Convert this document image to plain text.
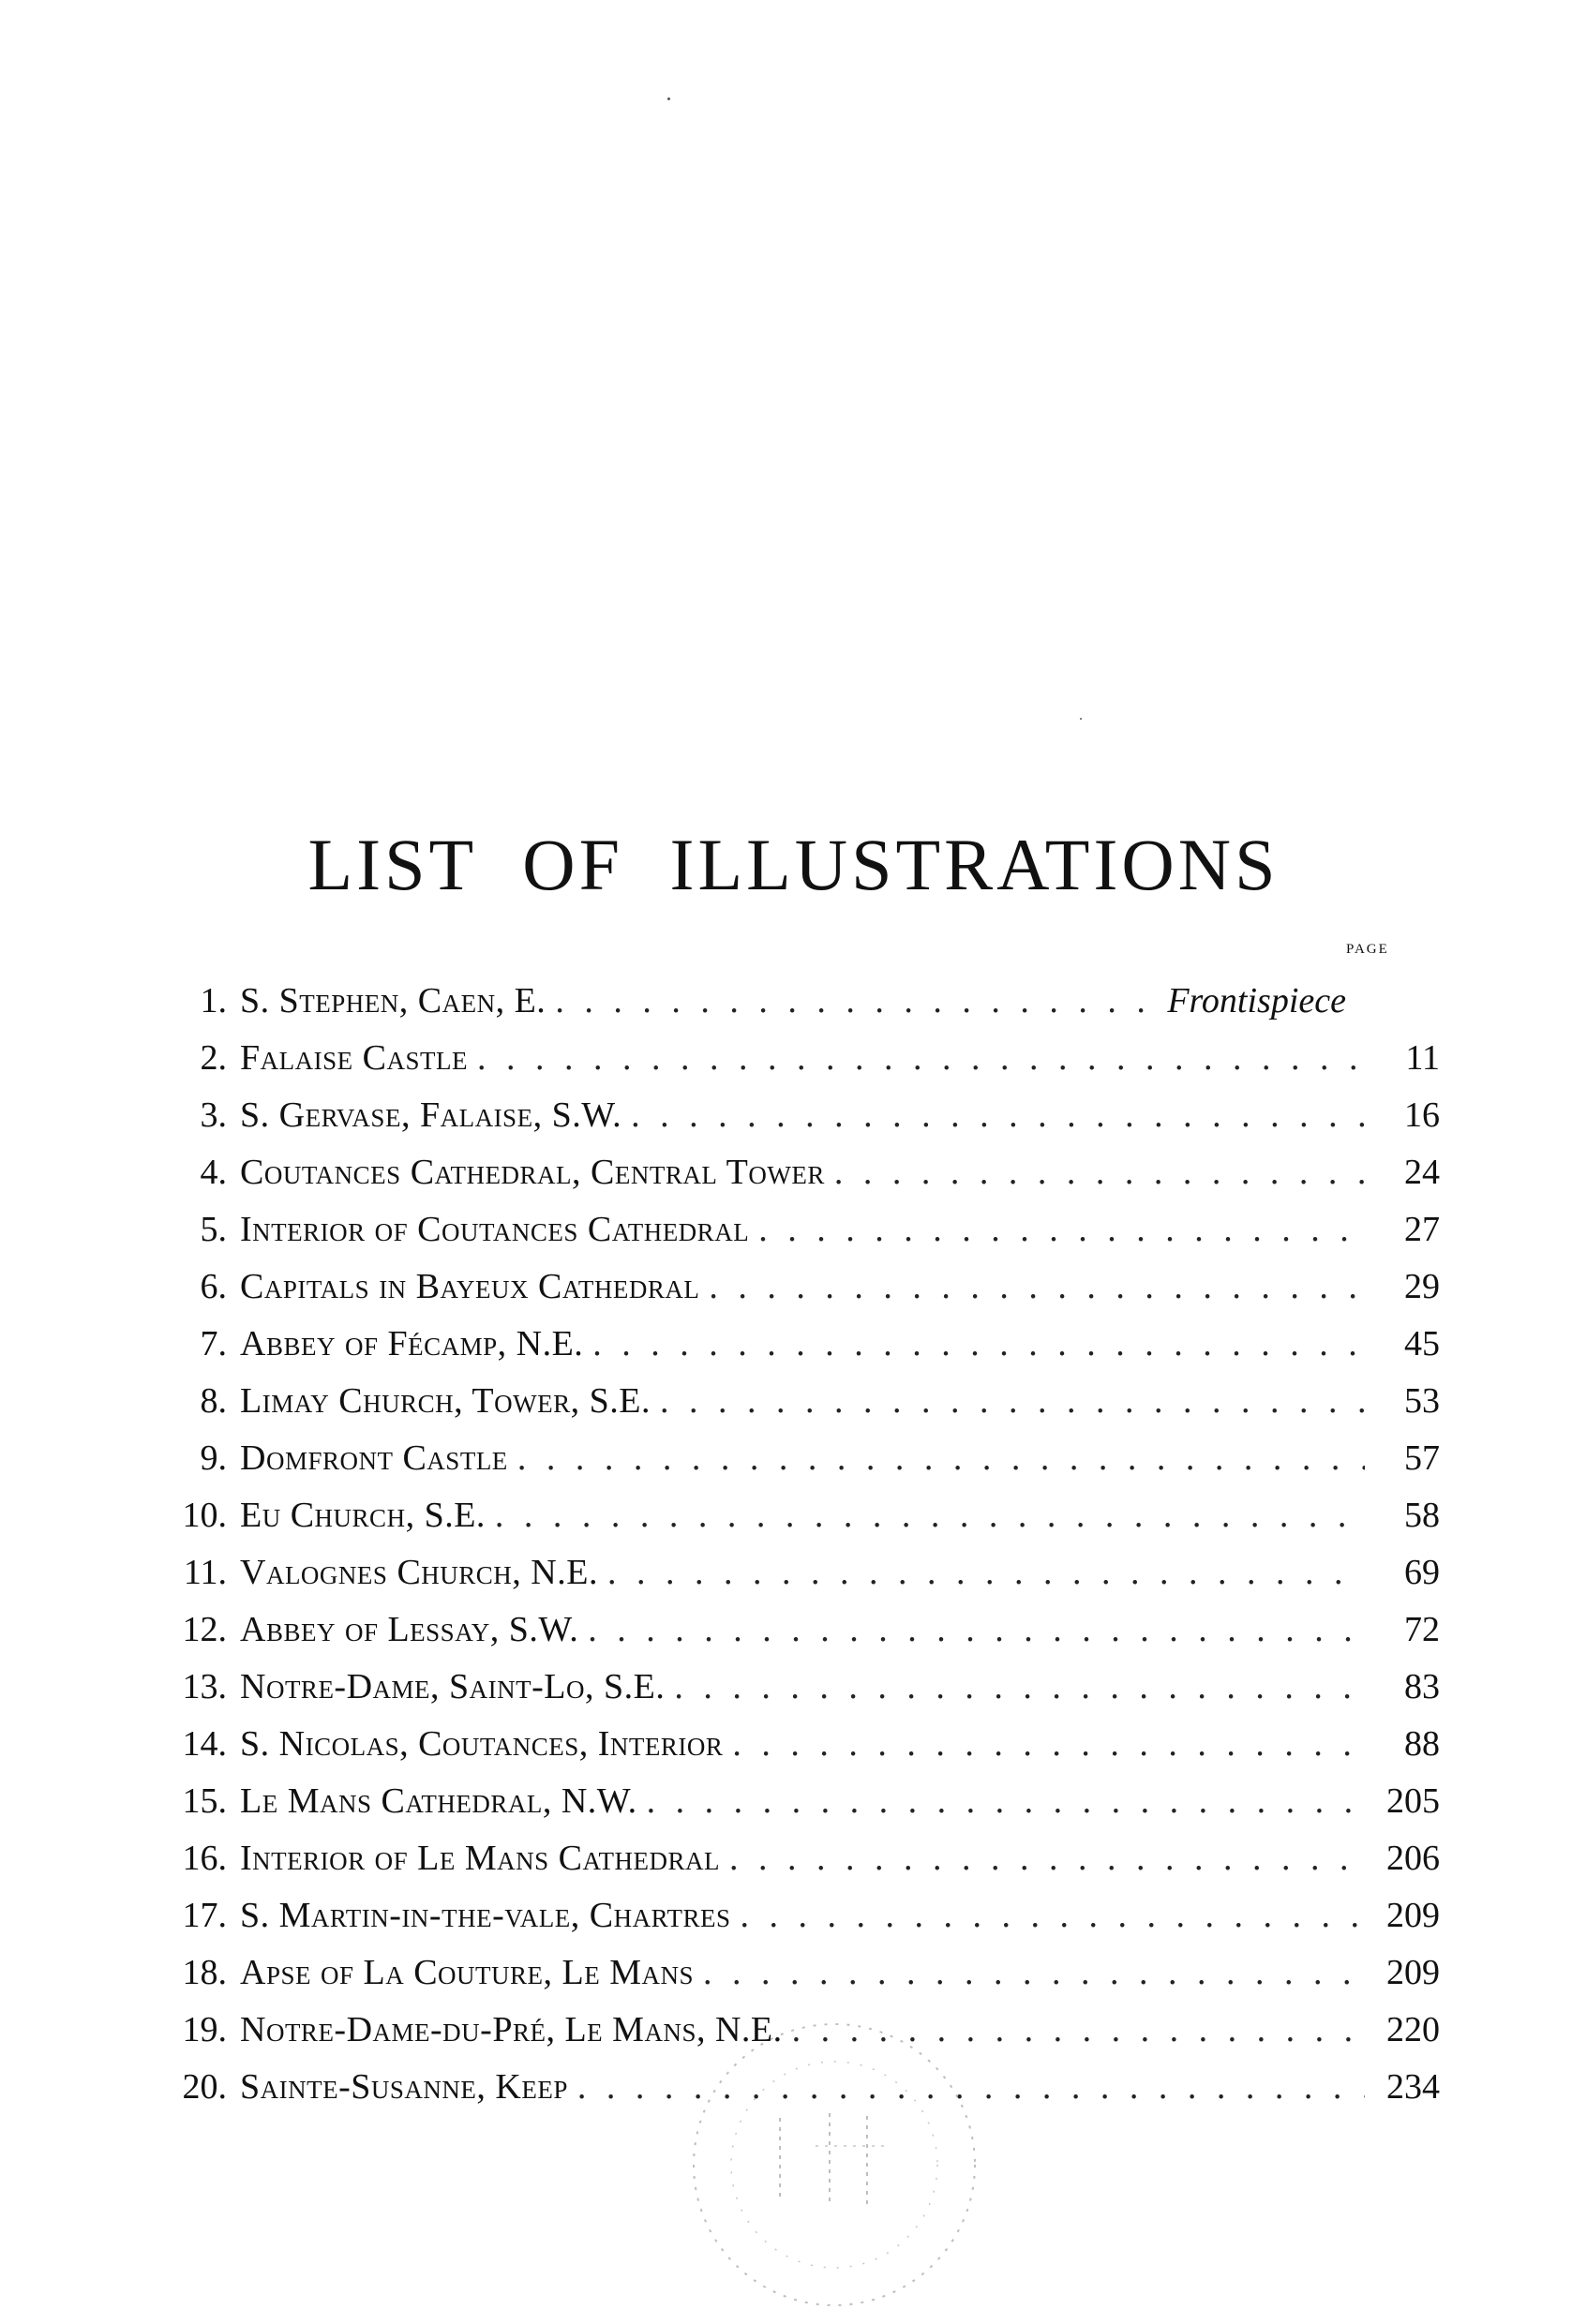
LIST OF ILLUSTRATIONS
page
1. S. Stephen, Caen, E. . . .	Frontispiece
2. Falaise Castle . . .	11
3. S. Gervase, Falaise, S.W. . . .	16
4. Coutances Cathedral, Central Tower . . .	24
5. Interior of Coutances Cathedral . . .	27
6. Capitals in Bayeux Cathedral . . .	29
7. Abbey of Fécamp, N.E. . . .	45
8. Limay Church, Tower, S.E. . . .	53
9. Domfront Castle . . .	57
10. Eu Church, S.E. . . .	58
11. Valognes Church, N.E. . . .	69
12. Abbey of Lessay, S.W. . . .	72
13. Notre-Dame, Saint-Lo, S.E. . . .	83
14. S. Nicolas, Coutances, Interior . . .	88
15. Le Mans Cathedral, N.W. . . .	205
16. Interior of Le Mans Cathedral . . .	206
17. S. Martin-in-the-vale, Chartres . . .	209
18. Apse of La Couture, Le Mans . . .	209
19. Notre-Dame-du-Pré, Le Mans, N.E. . . .	220
20. Sainte-Susanne, Keep . . .	234
